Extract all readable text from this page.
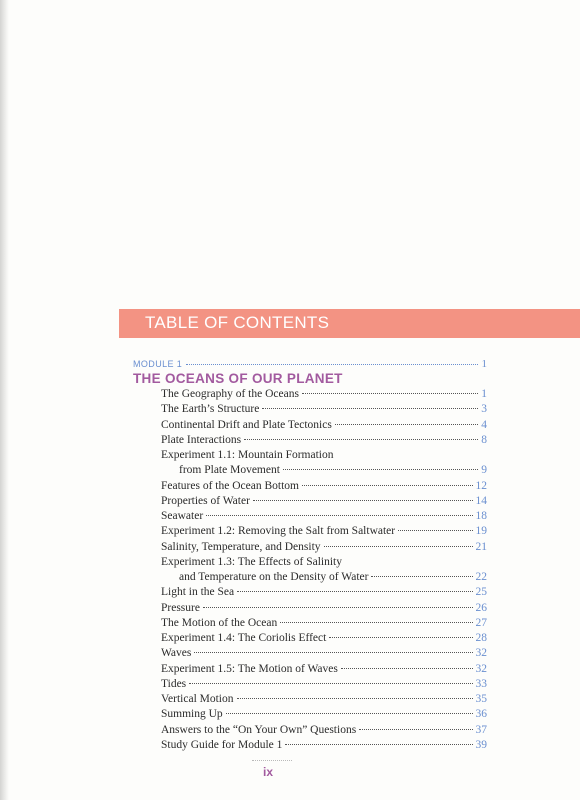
TABLE OF CONTENTS
MODULE 1	1
THE OCEANS OF OUR PLANET
The Geography of the Oceans	1
The Earth’s Structure	3
Continental Drift and Plate Tectonics	4
Plate Interactions	8
Experiment 1.1: Mountain Formation
from Plate Movement	9
Features of the Ocean Bottom	12
Properties of Water	14
Seawater	18
Experiment 1.2: Removing the Salt from Saltwater	19
Salinity, Temperature, and Density	21
Experiment 1.3: The Effects of Salinity
and Temperature on the Density of Water	22
Light in the Sea	25
Pressure	26
The Motion of the Ocean	27
Experiment 1.4: The Coriolis Effect	28
Waves	32
Experiment 1.5: The Motion of Waves	32
Tides	33
Vertical Motion	35
Summing Up	36
Answers to the “On Your Own” Questions	37
Study Guide for Module 1	39
ix
